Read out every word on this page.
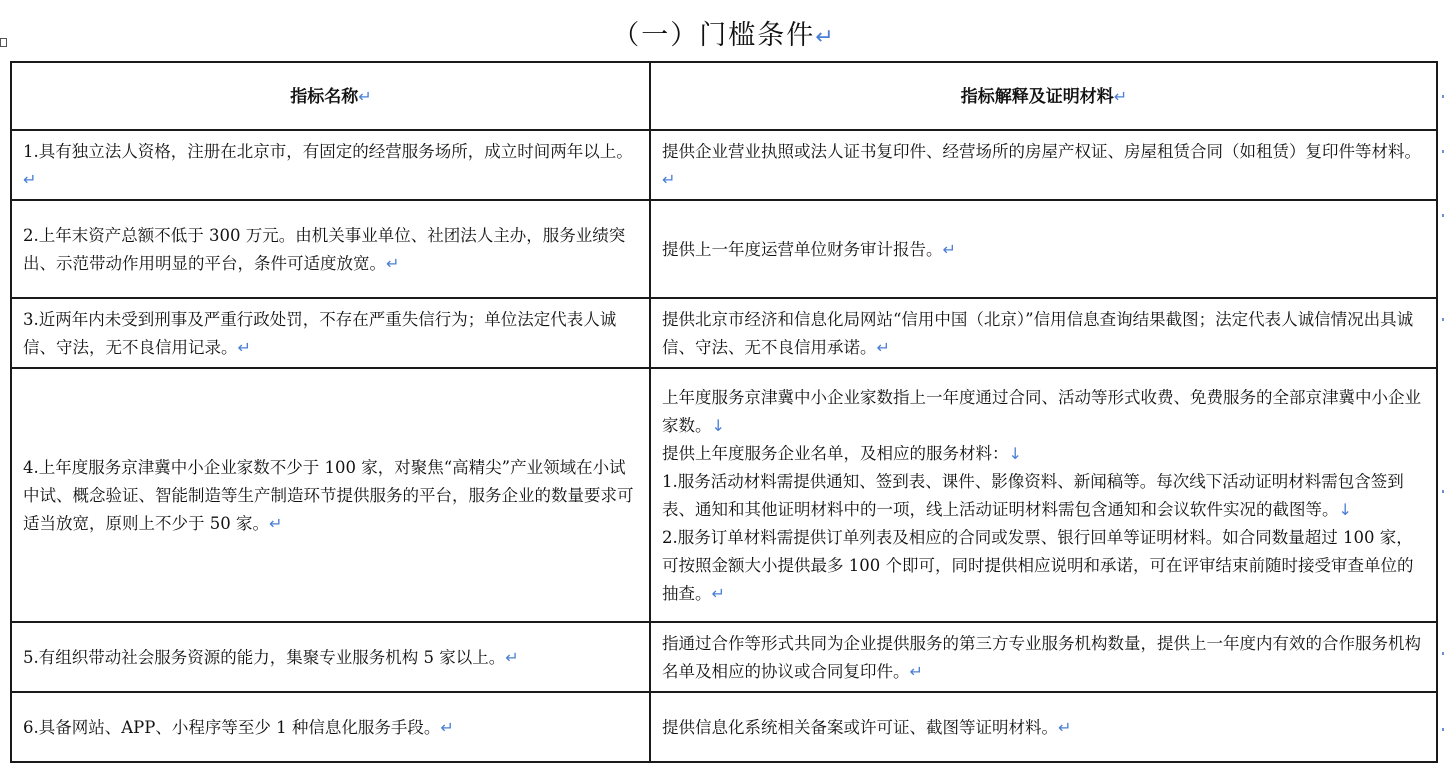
（一）门槛条件↵
指标名称↵	指标解释及证明材料↵
1.具有独立法人资格，注册在北京市，有固定的经营服务场所，成立时间两年以上。↵	提供企业营业执照或法人证书复印件、经营场所的房屋产权证、房屋租赁合同（如租赁）复印件等材料。↵
2.上年末资产总额不低于 300 万元。由机关事业单位、社团法人主办，服务业绩突出、示范带动作用明显的平台，条件可适度放宽。↵	提供上一年度运营单位财务审计报告。↵
3.近两年内未受到刑事及严重行政处罚，不存在严重失信行为；单位法定代表人诚信、守法，无不良信用记录。↵	提供北京市经济和信息化局网站“信用中国（北京）”信用信息查询结果截图；法定代表人诚信情况出具诚信、守法、无不良信用承诺。↵
4.上年度服务京津冀中小企业家数不少于 100 家，对聚焦“高精尖”产业领域在小试中试、概念验证、智能制造等生产制造环节提供服务的平台，服务企业的数量要求可适当放宽，原则上不少于 50 家。↵	上年度服务京津冀中小企业家数指上一年度通过合同、活动等形式收费、免费服务的全部京津冀中小企业家数。↓
提供上年度服务企业名单，及相应的服务材料：↓
1.服务活动材料需提供通知、签到表、课件、影像资料、新闻稿等。每次线下活动证明材料需包含签到表、通知和其他证明材料中的一项，线上活动证明材料需包含通知和会议软件实况的截图等。↓
2.服务订单材料需提供订单列表及相应的合同或发票、银行回单等证明材料。如合同数量超过 100 家，可按照金额大小提供最多 100 个即可，同时提供相应说明和承诺，可在评审结束前随时接受审查单位的抽查。↵

5.有组织带动社会服务资源的能力，集聚专业服务机构 5 家以上。↵	指通过合作等形式共同为企业提供服务的第三方专业服务机构数量，提供上一年度内有效的合作服务机构名单及相应的协议或合同复印件。↵
6.具备网站、APP、小程序等至少 1 种信息化服务手段。↵	提供信息化系统相关备案或许可证、截图等证明材料。↵
